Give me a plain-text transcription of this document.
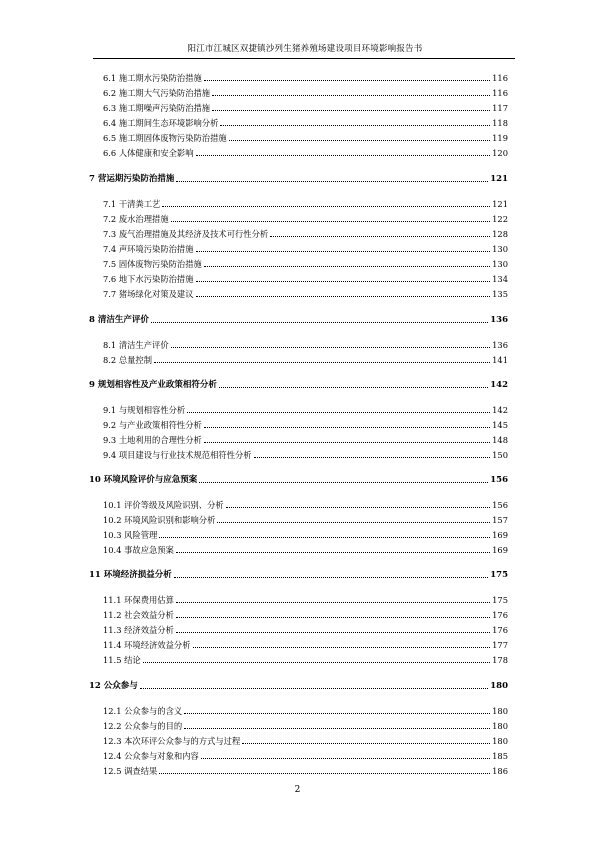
阳江市江城区双捷镇沙列生猪养殖场建设项目环境影响报告书
6.1 施工期水污染防治措施	116
6.2 施工期大气污染防治措施	116
6.3 施工期噪声污染防治措施	117
6.4 施工期间生态环境影响分析	118
6.5 施工期固体废物污染防治措施	119
6.6 人体健康和安全影响	120
7 营运期污染防治措施	121
7.1 干清粪工艺	121
7.2 废水治理措施	122
7.3 废气治理措施及其经济及技术可行性分析	128
7.4 声环境污染防治措施	130
7.5 固体废物污染防治措施	130
7.6 地下水污染防治措施	134
7.7 猪场绿化对策及建议	135
8 清洁生产评价	136
8.1 清洁生产评价	136
8.2 总量控制	141
9 规划相容性及产业政策相符分析	142
9.1 与规划相容性分析	142
9.2 与产业政策相符性分析	145
9.3 土地利用的合理性分析	148
9.4 项目建设与行业技术规范相符性分析	150
10 环境风险评价与应急预案	156
10.1 评价等级及风险识别、分析	156
10.2 环境风险识别和影响分析	157
10.3 风险管理	169
10.4 事故应急预案	169
11 环境经济损益分析	175
11.1 环保费用估算	175
11.2 社会效益分析	176
11.3 经济效益分析	176
11.4 环境经济效益分析	177
11.5 结论	178
12 公众参与	180
12.1 公众参与的含义	180
12.2 公众参与的目的	180
12.3 本次环评公众参与的方式与过程	180
12.4 公众参与对象和内容	185
12.5 调查结果	186
2
